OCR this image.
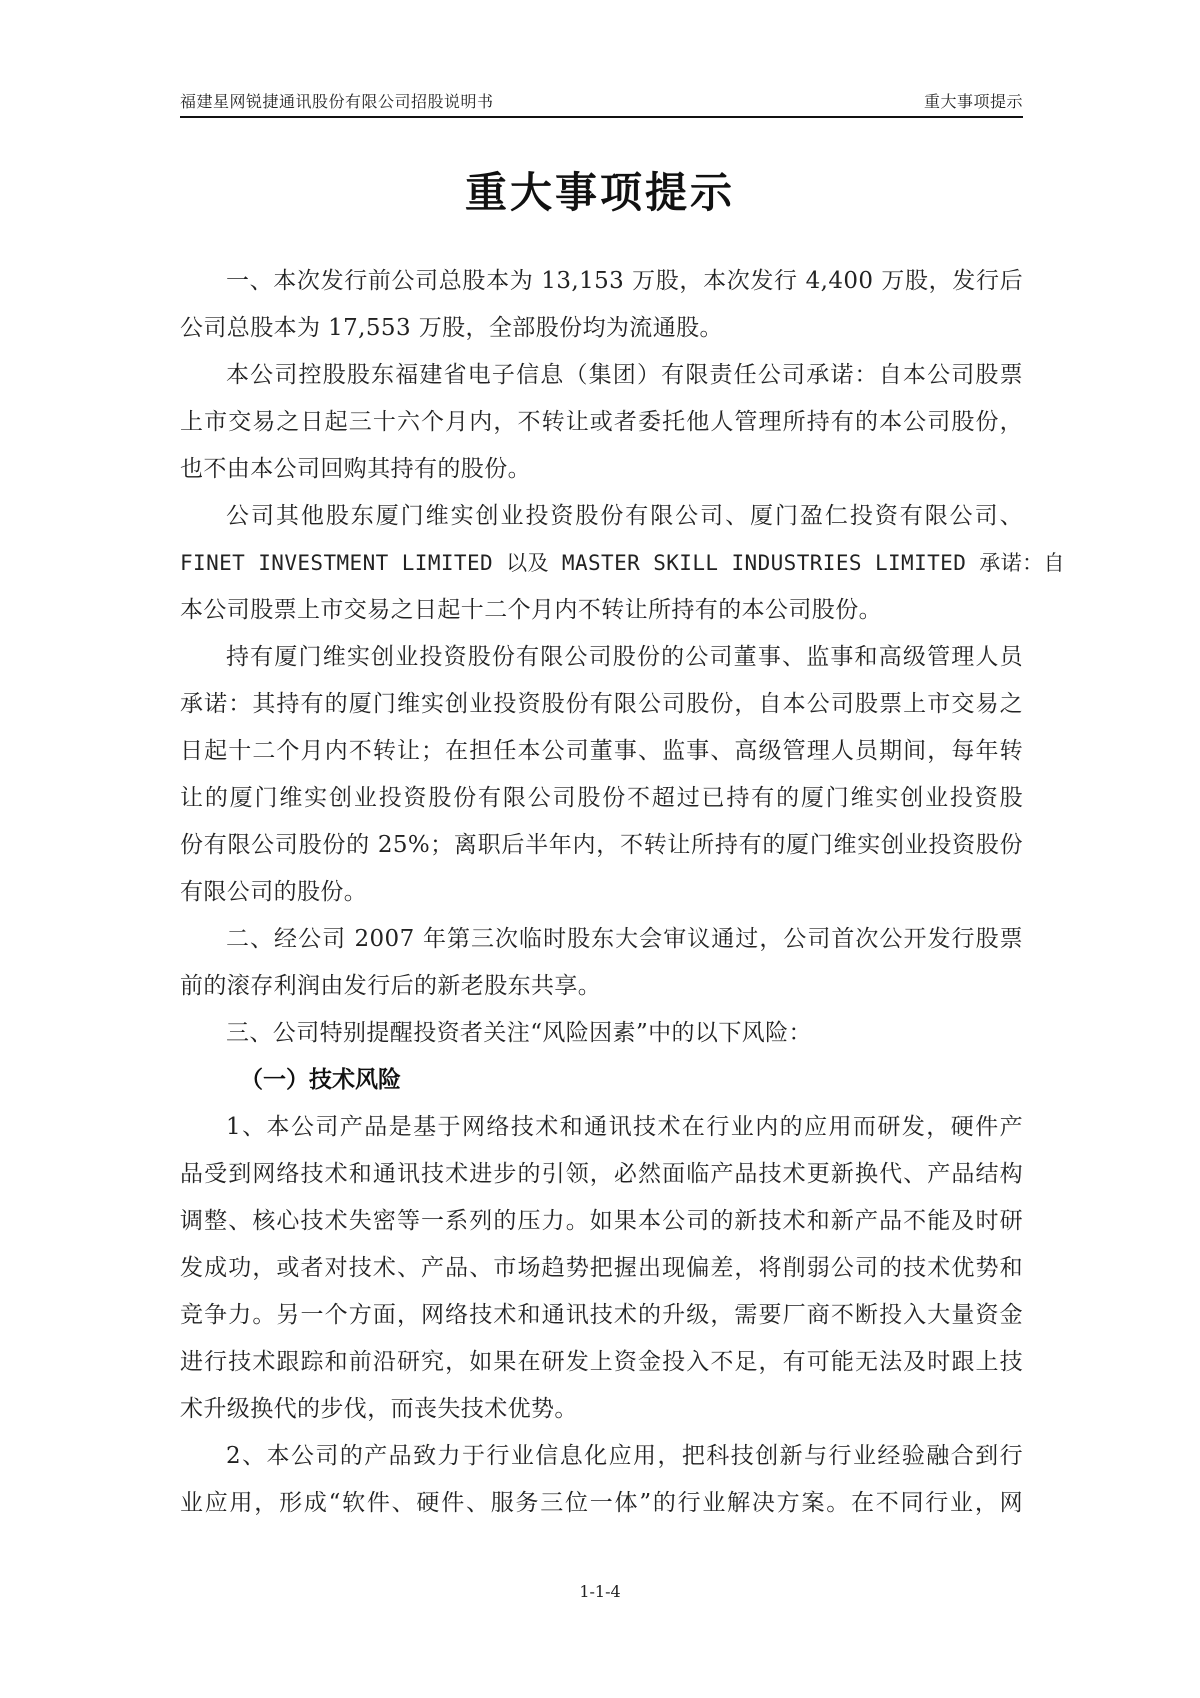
福建星网锐捷通讯股份有限公司招股说明书	重大事项提示
重大事项提示
一、本次发行前公司总股本为 13,153 万股，本次发行 4,400 万股，发行后
公司总股本为 17,553 万股，全部股份均为流通股。
本公司控股股东福建省电子信息（集团）有限责任公司承诺：自本公司股票
上市交易之日起三十六个月内，不转让或者委托他人管理所持有的本公司股份，
也不由本公司回购其持有的股份。
公司其他股东厦门维实创业投资股份有限公司、厦门盈仁投资有限公司、
FINET INVESTMENT LIMITED 以及 MASTER SKILL INDUSTRIES LIMITED 承诺：自
本公司股票上市交易之日起十二个月内不转让所持有的本公司股份。
持有厦门维实创业投资股份有限公司股份的公司董事、监事和高级管理人员
承诺：其持有的厦门维实创业投资股份有限公司股份，自本公司股票上市交易之
日起十二个月内不转让；在担任本公司董事、监事、高级管理人员期间，每年转
让的厦门维实创业投资股份有限公司股份不超过已持有的厦门维实创业投资股
份有限公司股份的 25%；离职后半年内，不转让所持有的厦门维实创业投资股份
有限公司的股份。
二、经公司 2007 年第三次临时股东大会审议通过，公司首次公开发行股票
前的滚存利润由发行后的新老股东共享。
三、公司特别提醒投资者关注“风险因素”中的以下风险：
（一）技术风险
1、本公司产品是基于网络技术和通讯技术在行业内的应用而研发，硬件产
品受到网络技术和通讯技术进步的引领，必然面临产品技术更新换代、产品结构
调整、核心技术失密等一系列的压力。如果本公司的新技术和新产品不能及时研
发成功，或者对技术、产品、市场趋势把握出现偏差，将削弱公司的技术优势和
竞争力。另一个方面，网络技术和通讯技术的升级，需要厂商不断投入大量资金
进行技术跟踪和前沿研究，如果在研发上资金投入不足，有可能无法及时跟上技
术升级换代的步伐，而丧失技术优势。
2、本公司的产品致力于行业信息化应用，把科技创新与行业经验融合到行
业应用，形成“软件、硬件、服务三位一体”的行业解决方案。在不同行业，网
1-1-4
